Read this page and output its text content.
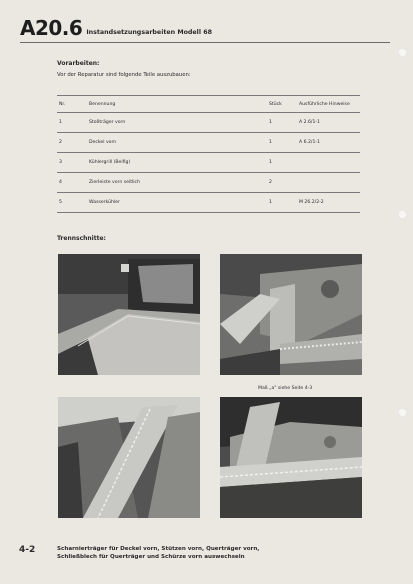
A20.6 Instandsetzungsarbeiten Modell 68
Vorarbeiten:
Vor der Reparatur sind folgende Teile auszubauen:
Nr.	Benennung	Stück	Ausführliche Hinweise
1	Stoßträger vorn	1	A 2.6/1-1
2	Deckel vorn	1	A 6.2/1-1
3	Kühlergrill (Beifig)	1	
4	Zierleiste vorn seitlich	2	
5	Wasserkühler	1	M 26.2/2-2
Trennschnitte:
Maß „a" siehe Seite 4-3
4-2	Scharnierträger für Deckel vorn, Stützen vorn, Querträger vorn,
Schließblech für Querträger und Schürze vorn auswechseln
